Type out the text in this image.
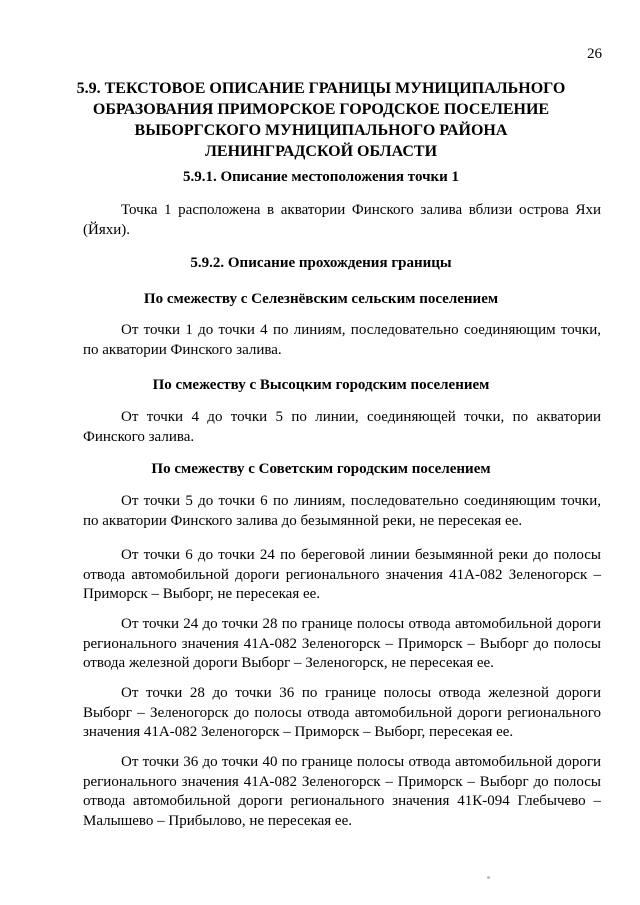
26
5.9. ТЕКСТОВОЕ ОПИСАНИЕ ГРАНИЦЫ МУНИЦИПАЛЬНОГО
ОБРАЗОВАНИЯ ПРИМОРСКОЕ ГОРОДСКОЕ ПОСЕЛЕНИЕ
ВЫБОРГСКОГО МУНИЦИПАЛЬНОГО РАЙОНА
ЛЕНИНГРАДСКОЙ ОБЛАСТИ
5.9.1. Описание местоположения точки 1

Точка 1 расположена в акватории Финского залива вблизи острова Яхи
(Йяхи).

5.9.2. Описание прохождения границы
По смежеству с Селезнёвским сельским поселением

От точки 1 до точки 4 по линиям, последовательно соединяющим точки,
по акватории Финского залива.

По смежеству с Высоцким городским поселением

От точки 4 до точки 5 по линии, соединяющей точки, по акватории
Финского залива.

По смежеству с Советским городским поселением

От точки 5 до точки 6 по линиям, последовательно соединяющим точки,
по акватории Финского залива до безымянной реки, не пересекая ее.

От точки 6 до точки 24 по береговой линии безымянной реки до полосы
отвода автомобильной дороги регионального значения 41А-082 Зеленогорск –
Приморск – Выборг, не пересекая ее.

От точки 24 до точки 28 по границе полосы отвода автомобильной дороги
регионального значения 41А-082 Зеленогорск – Приморск – Выборг до полосы
отвода железной дороги Выборг – Зеленогорск, не пересекая ее.

От точки 28 до точки 36 по границе полосы отвода железной дороги
Выборг – Зеленогорск до полосы отвода автомобильной дороги регионального
значения 41А-082 Зеленогорск – Приморск – Выборг, пересекая ее.

От точки 36 до точки 40 по границе полосы отвода автомобильной дороги
регионального значения 41А-082 Зеленогорск – Приморск – Выборг до полосы
отвода автомобильной дороги регионального значения 41К-094 Глебычево –
Малышево – Прибылово, не пересекая ее.
